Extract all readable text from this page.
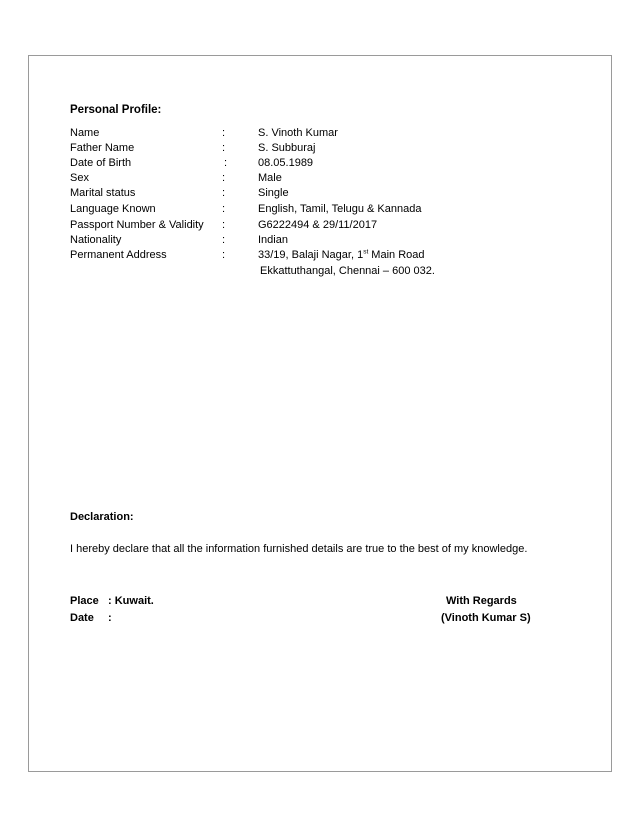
Personal Profile:
Name	:	S. Vinoth Kumar
Father Name	:	S. Subburaj
Date of Birth	:	08.05.1989
Sex	:	Male
Marital status	:	Single
Language Known	:	English, Tamil, Telugu & Kannada
Passport Number & Validity :	G6222494 & 29/11/2017
Nationality	:	Indian
Permanent Address	:	33/19, Balaji Nagar, 1st Main Road
Ekkattuthangal, Chennai – 600 032.
Declaration:
I hereby declare that all the information furnished details are true to the best of my knowledge.
Place : Kuwait.
Date :
With Regards
(Vinoth Kumar S)
